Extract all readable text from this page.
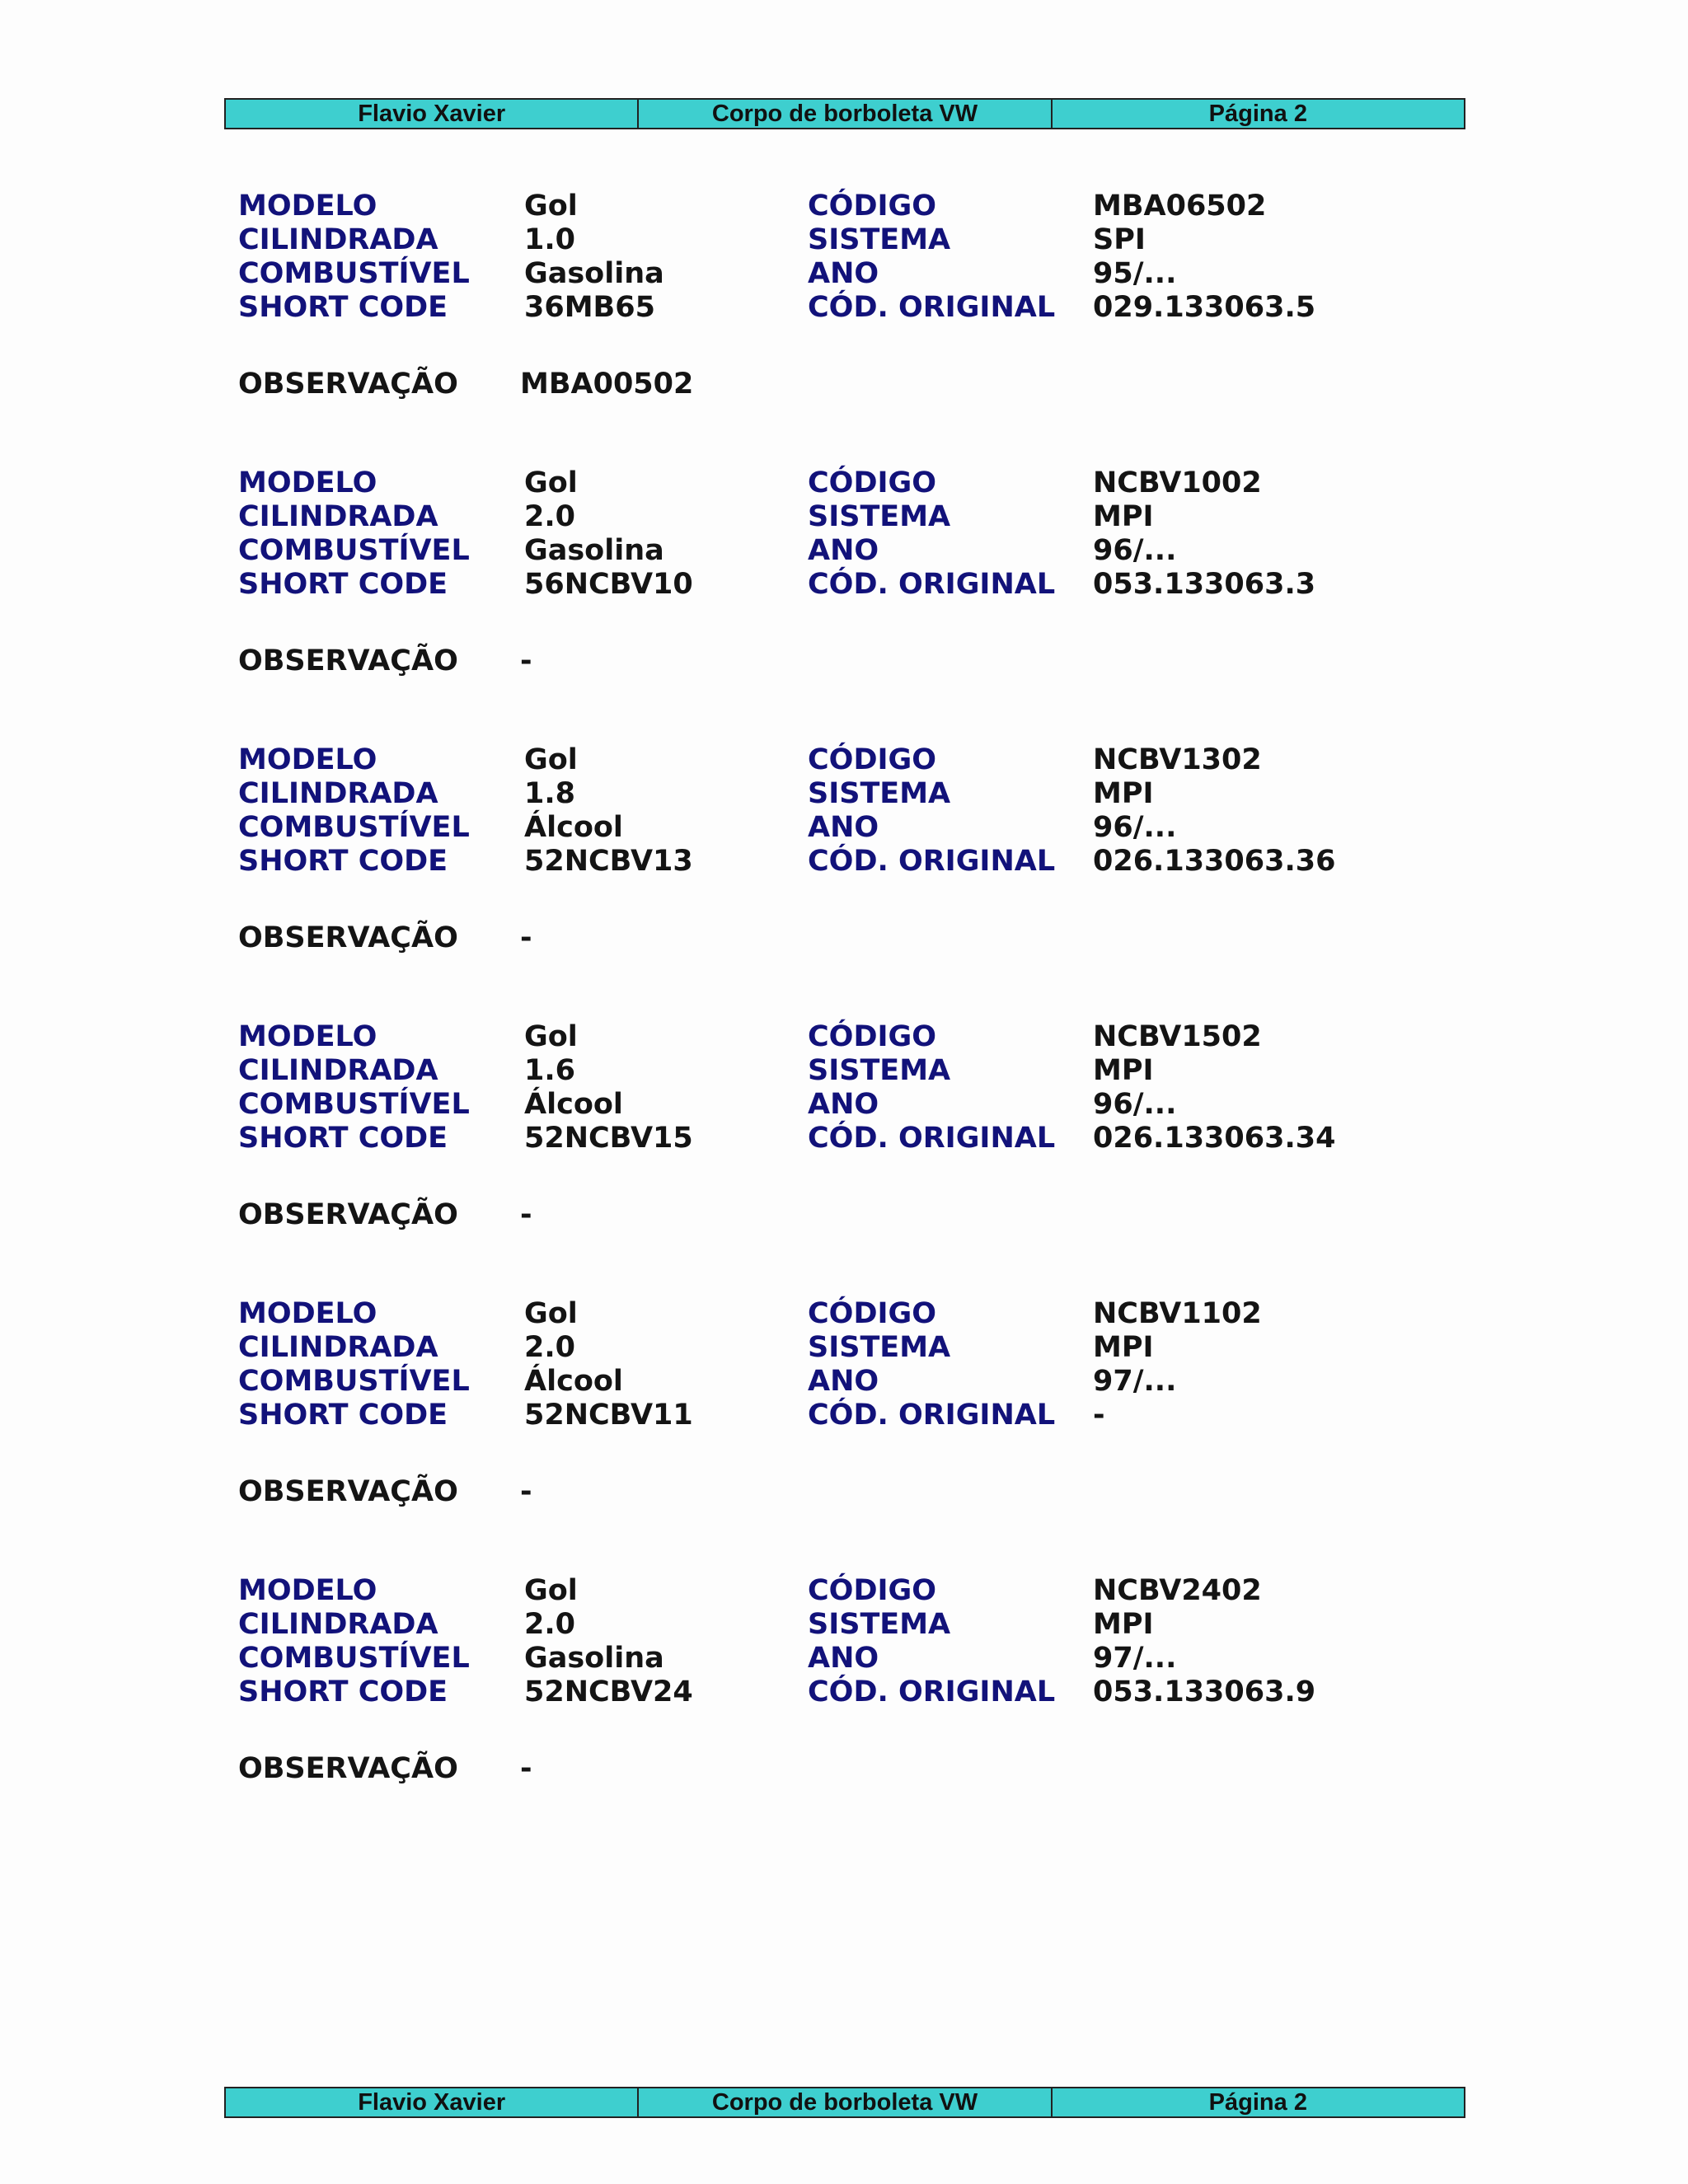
Flavio Xavier	Corpo de borboleta VW	Página 2
MODELO	Gol	CÓDIGO	MBA06502
CILINDRADA	1.0	SISTEMA	SPI
COMBUSTÍVEL Gasolina	ANO	95/...
SHORT CODE	36MB65	CÓD. ORIGINAL 029.133063.5
OBSERVAÇÃO MBA00502
MODELO	Gol	CÓDIGO	NCBV1002
CILINDRADA	2.0	SISTEMA	MPI
COMBUSTÍVEL Gasolina	ANO	96/...
SHORT CODE	56NCBV10	CÓD. ORIGINAL 053.133063.3
OBSERVAÇÃO -
MODELO	Gol	CÓDIGO	NCBV1302
CILINDRADA	1.8	SISTEMA	MPI
COMBUSTÍVEL Álcool	ANO	96/...
SHORT CODE	52NCBV13	CÓD. ORIGINAL 026.133063.36
OBSERVAÇÃO -
MODELO	Gol	CÓDIGO	NCBV1502
CILINDRADA	1.6	SISTEMA	MPI
COMBUSTÍVEL Álcool	ANO	96/...
SHORT CODE	52NCBV15	CÓD. ORIGINAL 026.133063.34
OBSERVAÇÃO -
MODELO	Gol	CÓDIGO	NCBV1102
CILINDRADA	2.0	SISTEMA	MPI
COMBUSTÍVEL Álcool	ANO	97/...
SHORT CODE	52NCBV11	CÓD. ORIGINAL -
OBSERVAÇÃO -
MODELO	Gol	CÓDIGO	NCBV2402
CILINDRADA	2.0	SISTEMA	MPI
COMBUSTÍVEL Gasolina	ANO	97/...
SHORT CODE	52NCBV24	CÓD. ORIGINAL 053.133063.9
OBSERVAÇÃO -
Flavio Xavier	Corpo de borboleta VW	Página 2
